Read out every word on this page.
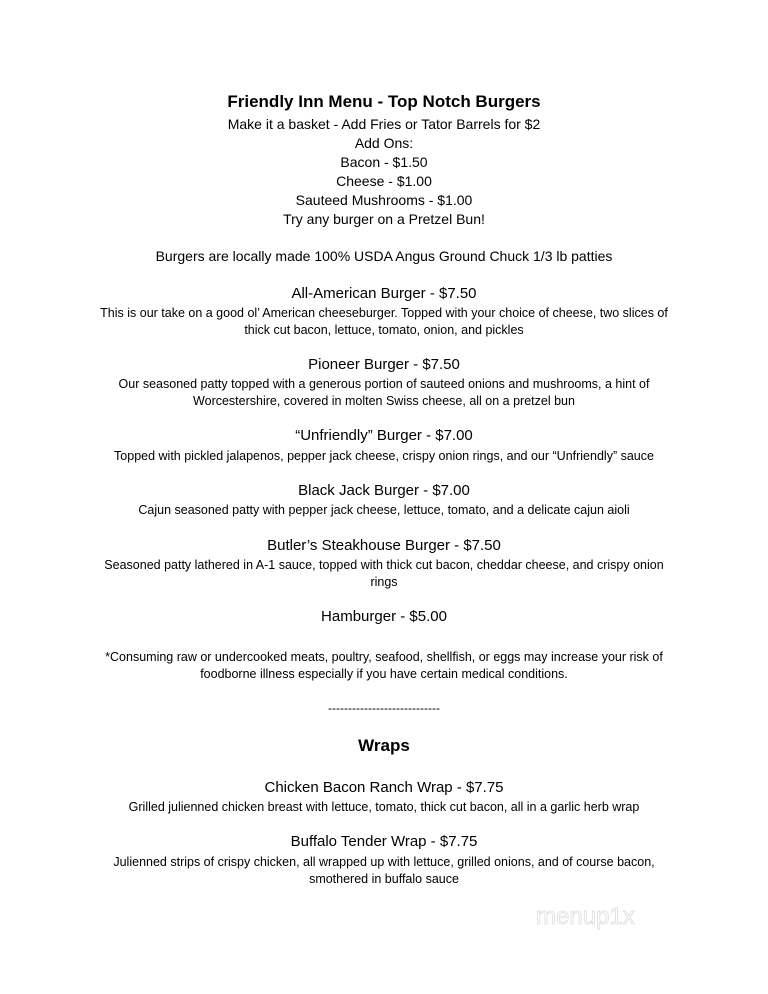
Friendly Inn Menu - Top Notch Burgers
Make it a basket - Add Fries or Tator Barrels for $2
Add Ons:
Bacon - $1.50
Cheese - $1.00
Sauteed Mushrooms - $1.00
Try any burger on a Pretzel Bun!
Burgers are locally made 100% USDA Angus Ground Chuck 1/3 lb patties
All-American Burger - $7.50
This is our take on a good ol’ American cheeseburger. Topped with your choice of cheese, two slices of
thick cut bacon, lettuce, tomato, onion, and pickles
Pioneer Burger - $7.50
Our seasoned patty topped with a generous portion of sauteed onions and mushrooms, a hint of
Worcestershire, covered in molten Swiss cheese, all on a pretzel bun
“Unfriendly” Burger - $7.00
Topped with pickled jalapenos, pepper jack cheese, crispy onion rings, and our “Unfriendly” sauce
Black Jack Burger - $7.00
Cajun seasoned patty with pepper jack cheese, lettuce, tomato, and a delicate cajun aioli
Butler’s Steakhouse Burger - $7.50
Seasoned patty lathered in A-1 sauce, topped with thick cut bacon, cheddar cheese, and crispy onion
rings
Hamburger - $5.00
*Consuming raw or undercooked meats, poultry, seafood, shellfish, or eggs may increase your risk of
foodborne illness especially if you have certain medical conditions.
----------------------------
Wraps
Chicken Bacon Ranch Wrap - $7.75
Grilled julienned chicken breast with lettuce, tomato, thick cut bacon, all in a garlic herb wrap
Buffalo Tender Wrap - $7.75
Julienned strips of crispy chicken, all wrapped up with lettuce, grilled onions, and of course bacon,
smothered in buffalo sauce
menup1x
